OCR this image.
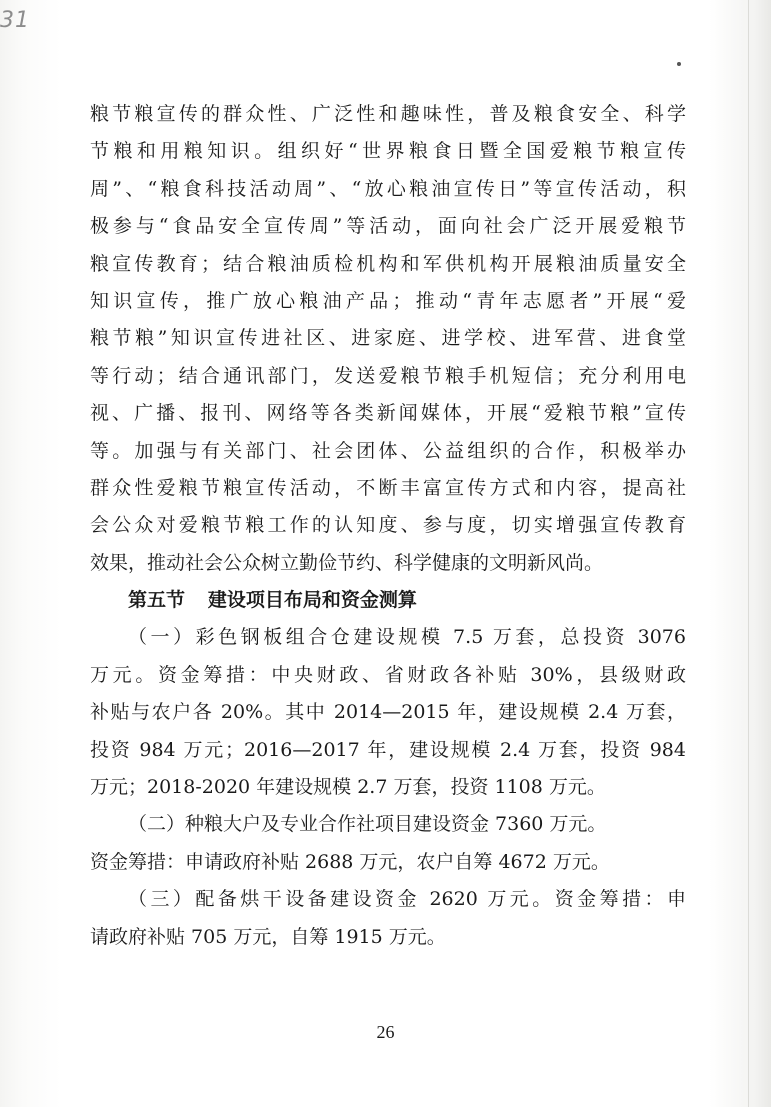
31
粮节粮宣传的群众性、广泛性和趣味性，普及粮食安全、科学
节粮和用粮知识。组织好“世界粮食日暨全国爱粮节粮宣传
周”、“粮食科技活动周”、“放心粮油宣传日”等宣传活动，积
极参与“食品安全宣传周”等活动，面向社会广泛开展爱粮节
粮宣传教育；结合粮油质检机构和军供机构开展粮油质量安全
知识宣传，推广放心粮油产品；推动“青年志愿者”开展“爱
粮节粮”知识宣传进社区、进家庭、进学校、进军营、进食堂
等行动；结合通讯部门，发送爱粮节粮手机短信；充分利用电
视、广播、报刊、网络等各类新闻媒体，开展“爱粮节粮”宣传
等。加强与有关部门、社会团体、公益组织的合作，积极举办
群众性爱粮节粮宣传活动，不断丰富宣传方式和内容，提高社
会公众对爱粮节粮工作的认知度、参与度，切实增强宣传教育
效果，推动社会公众树立勤俭节约、科学健康的文明新风尚。
第五节 建设项目布局和资金测算
（一）彩色钢板组合仓建设规模 7.5 万套，总投资 3076
万元。资金筹措：中央财政、省财政各补贴 30%，县级财政
补贴与农户各 20%。其中 2014—2015 年，建设规模 2.4 万套，
投资 984 万元；2016—2017 年，建设规模 2.4 万套，投资 984
万元；2018-2020 年建设规模 2.7 万套，投资 1108 万元。
（二）种粮大户及专业合作社项目建设资金 7360 万元。
资金筹措：申请政府补贴 2688 万元，农户自筹 4672 万元。
（三）配备烘干设备建设资金 2620 万元。资金筹措：申
请政府补贴 705 万元，自筹 1915 万元。
26
